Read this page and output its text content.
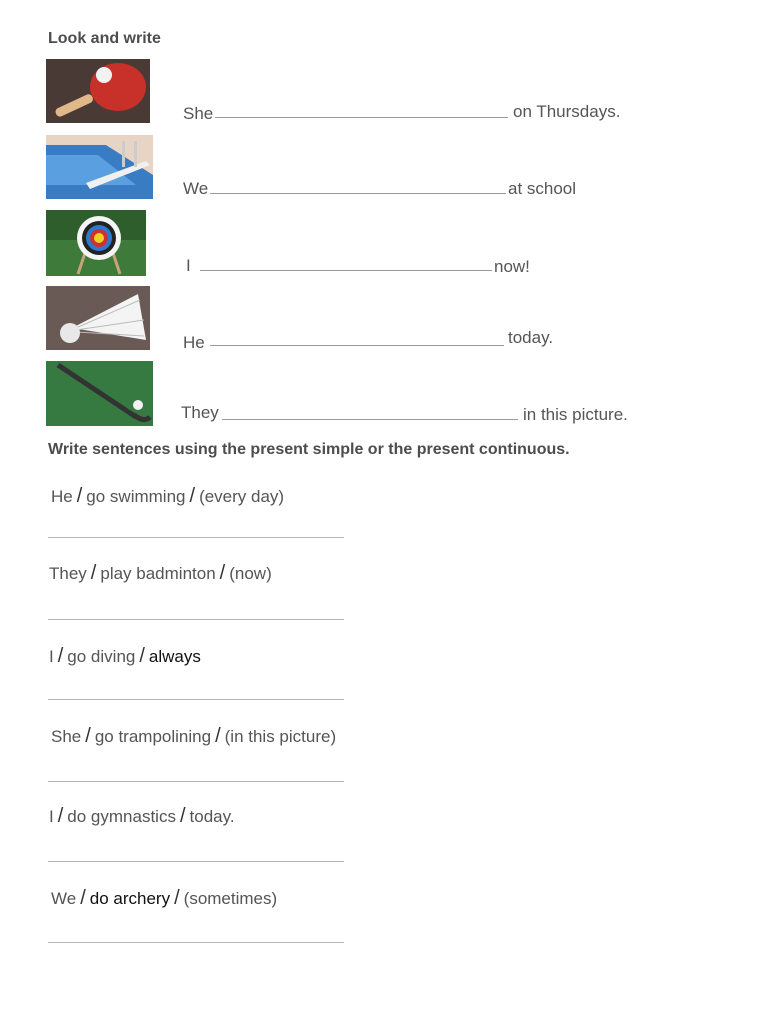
Look and write
She	on Thursdays.
We	at school
I	now!
He	today.
They	in this picture.
Write sentences using the present simple or the present continuous.
He / go swimming / (every day)
They / play badminton / (now)
I / go diving / always
She / go trampolining / (in this picture)
I / do gymnastics / today.
We / do archery / (sometimes)
